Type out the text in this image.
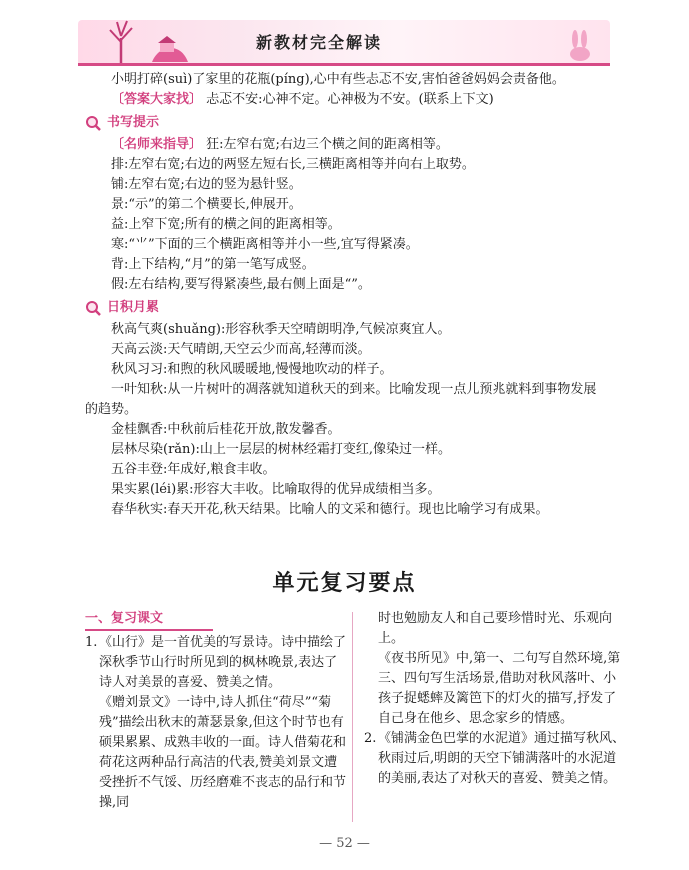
新教材完全解读

小明打碎(suì)了家里的花瓶(píng),心中有些忐忑不安,害怕爸爸妈妈会责备他。

〔答案大家找〕 忐忑不安:心神不定。心神极为不安。(联系上下文)

书写提示

〔名师来指导〕 狂:左窄右宽;右边三个横之间的距离相等。

排:左窄右宽;右边的两竖左短右长,三横距离相等并向右上取势。

铺:左窄右宽;右边的竖为悬针竖。

景:“示”的第二个横要长,伸展开。

益:上窄下宽;所有的横之间的距离相等。

寒:“⺌”下面的三个横距离相等并小一些,宜写得紧凑。

背:上下结构,“月”的第一笔写成竖。

假:左右结构,要写得紧凑些,最右侧上面是“”。

日积月累

秋高气爽(shuǎng):形容秋季天空晴朗明净,气候凉爽宜人。

天高云淡:天气晴朗,天空云少而高,轻薄而淡。

秋风习习:和煦的秋风暖暖地,慢慢地吹动的样子。

一叶知秋:从一片树叶的凋落就知道秋天的到来。比喻发现一点儿预兆就料到事物发展的趋势。

金桂飘香:中秋前后桂花开放,散发馨香。

层林尽染(rǎn):山上一层层的树林经霜打变红,像染过一样。

五谷丰登:年成好,粮食丰收。

果实累(léi)累:形容大丰收。比喻取得的优异成绩相当多。

春华秋实:春天开花,秋天结果。比喻人的文采和德行。现也比喻学习有成果。

单元复习要点
一、复习课文
1. 《山行》是一首优美的写景诗。诗中描绘了深秋季节山行时所见到的枫林晚景,表达了诗人对美景的喜爱、赞美之情。
《赠刘景文》一诗中,诗人抓住“荷尽”“菊残”描绘出秋末的萧瑟景象,但这个时节也有硕果累累、成熟丰收的一面。诗人借菊花和荷花这两种品行高洁的代表,赞美刘景文遭受挫折不气馁、历经磨难不丧志的品行和节操,同
时也勉励友人和自己要珍惜时光、乐观向上。
《夜书所见》中,第一、二句写自然环境,第三、四句写生活场景,借助对秋风落叶、小孩子捉蟋蟀及篱笆下的灯火的描写,抒发了自己身在他乡、思念家乡的情感。
2. 《铺满金色巴掌的水泥道》通过描写秋风、秋雨过后,明朗的天空下铺满落叶的水泥道的美丽,表达了对秋天的喜爱、赞美之情。
— 52 —
